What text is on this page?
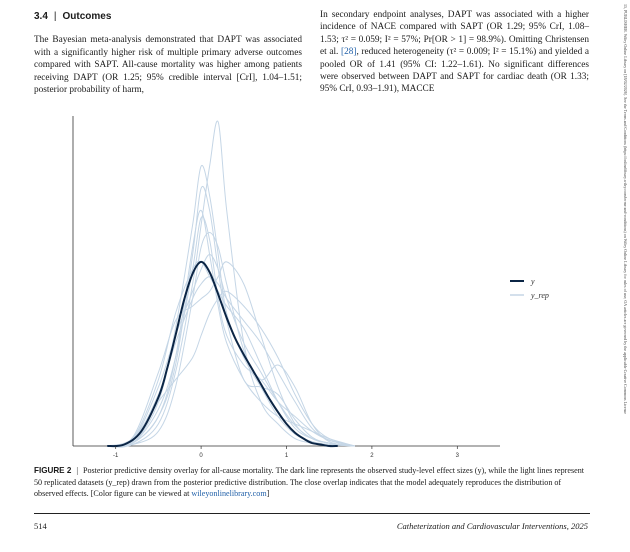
3.4 | Outcomes

The Bayesian meta-analysis demonstrated that DAPT was associated with a significantly higher risk of multiple primary adverse outcomes compared with SAPT. All-cause mortality was higher among patients receiving DAPT (OR 1.25; 95% credible interval [CrI], 1.04–1.51; posterior probability of harm,

In secondary endpoint analyses, DAPT was associated with a higher incidence of NACE compared with SAPT (OR 1.29; 95% CrI, 1.08–1.53; τ² = 0.059; I² = 57%; Pr[OR > 1] = 98.9%). Omitting Christensen et al. [28], reduced heterogeneity (τ² = 0.009; I² = 15.1%) and yielded a pooled OR of 1.41 (95% CI: 1.22–1.61). No significant differences were observed between DAPT and SAPT for cardiac death (OR 1.33; 95% CrI, 0.93–1.91), MACCE

-1	0	1	2	3
y
y_rep
FIGURE 2 | Posterior predictive density overlay for all-cause mortality. The dark line represents the observed study-level effect sizes (y), while the light lines represent 50 replicated datasets (y_rep) drawn from the posterior predictive distribution. The close overlap indicates that the model adequately reproduces the distribution of observed effects. [Color figure can be viewed at wileyonlinelibrary.com]
514	Catheterization and Cardiovascular Interventions, 2025
15, PUBLISHER. Wiley Online Library on [18/02/2026]. See the Terms and Conditions (https://onlinelibrary.wiley.com/terms-and-conditions) on Wiley Online Library for rules of use; OA articles are governed by the applicable Creative Commons License
